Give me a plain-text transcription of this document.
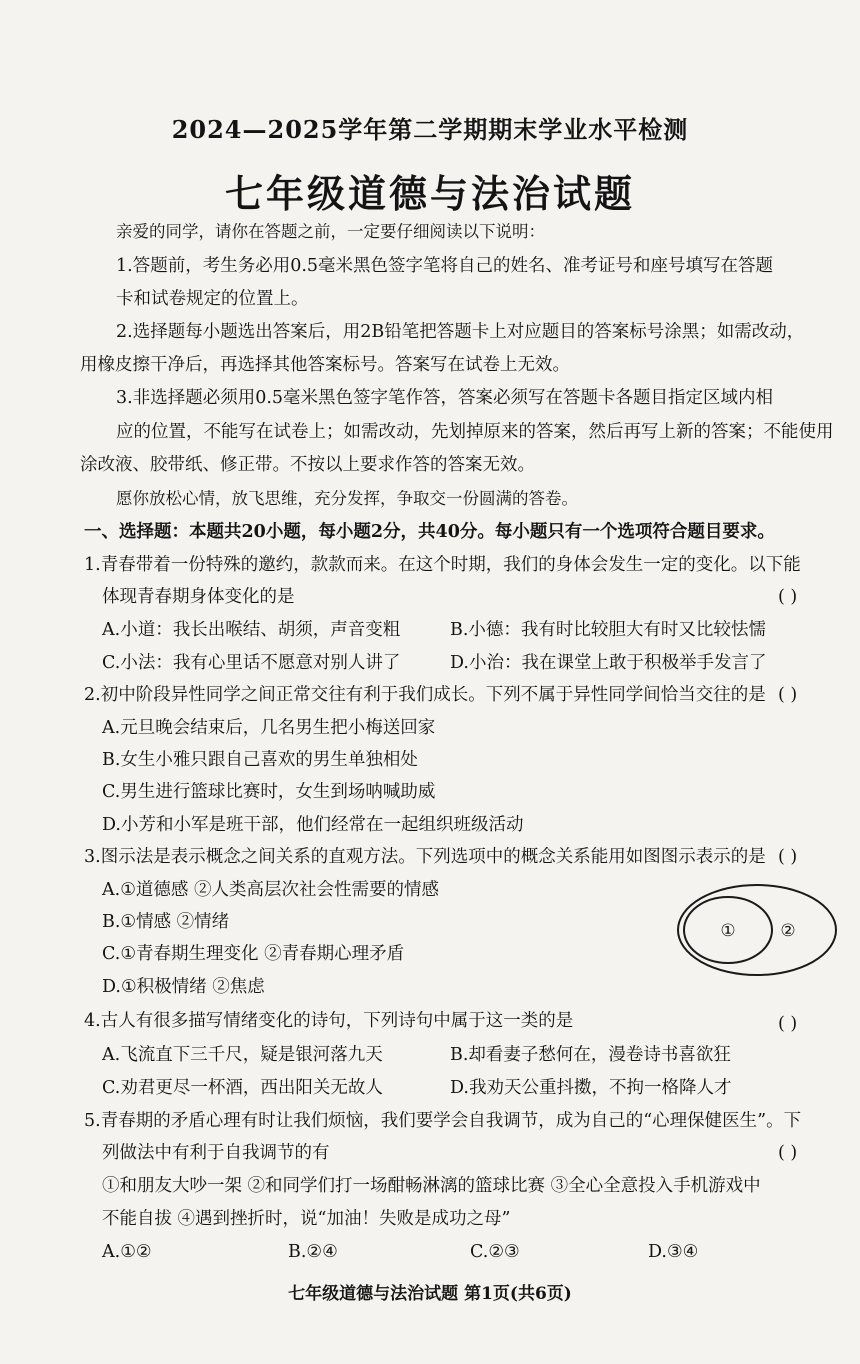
2024—2025学年第二学期期末学业水平检测
七年级道德与法治试题
亲爱的同学，请你在答题之前，一定要仔细阅读以下说明：
1.答题前，考生务必用0.5毫米黑色签字笔将自己的姓名、准考证号和座号填写在答题
卡和试卷规定的位置上。
2.选择题每小题选出答案后，用2B铅笔把答题卡上对应题目的答案标号涂黑；如需改动，
用橡皮擦干净后，再选择其他答案标号。答案写在试卷上无效。
3.非选择题必须用0.5毫米黑色签字笔作答，答案必须写在答题卡各题目指定区域内相
应的位置，不能写在试卷上；如需改动，先划掉原来的答案，然后再写上新的答案；不能使用
涂改液、胶带纸、修正带。不按以上要求作答的答案无效。
愿你放松心情，放飞思维，充分发挥，争取交一份圆满的答卷。
一、选择题：本题共20小题，每小题2分，共40分。每小题只有一个选项符合题目要求。
1.青春带着一份特殊的邀约，款款而来。在这个时期，我们的身体会发生一定的变化。以下能
体现青春期身体变化的是	( )
A.小道：我长出喉结、胡须，声音变粗	B.小德：我有时比较胆大有时又比较怯懦
C.小法：我有心里话不愿意对别人讲了	D.小治：我在课堂上敢于积极举手发言了
2.初中阶段异性同学之间正常交往有利于我们成长。下列不属于异性同学间恰当交往的是 ( )
A.元旦晚会结束后，几名男生把小梅送回家
B.女生小雅只跟自己喜欢的男生单独相处
C.男生进行篮球比赛时，女生到场呐喊助威
D.小芳和小军是班干部，他们经常在一起组织班级活动
3.图示法是表示概念之间关系的直观方法。下列选项中的概念关系能用如图图示表示的是 ( )
A.①道德感 ②人类高层次社会性需要的情感
B.①情感 ②情绪
C.①青春期生理变化 ②青春期心理矛盾
D.①积极情绪 ②焦虑
①	②
4.古人有很多描写情绪变化的诗句，下列诗句中属于这一类的是	( )
A.飞流直下三千尺，疑是银河落九天	B.却看妻子愁何在，漫卷诗书喜欲狂
C.劝君更尽一杯酒，西出阳关无故人	D.我劝天公重抖擞，不拘一格降人才
5.青春期的矛盾心理有时让我们烦恼，我们要学会自我调节，成为自己的“心理保健医生”。下
列做法中有利于自我调节的有	( )
①和朋友大吵一架 ②和同学们打一场酣畅淋漓的篮球比赛 ③全心全意投入手机游戏中
不能自拔 ④遇到挫折时，说“加油！失败是成功之母”
A.①②	B.②④	C.②③	D.③④
七年级道德与法治试题 第1页(共6页)
